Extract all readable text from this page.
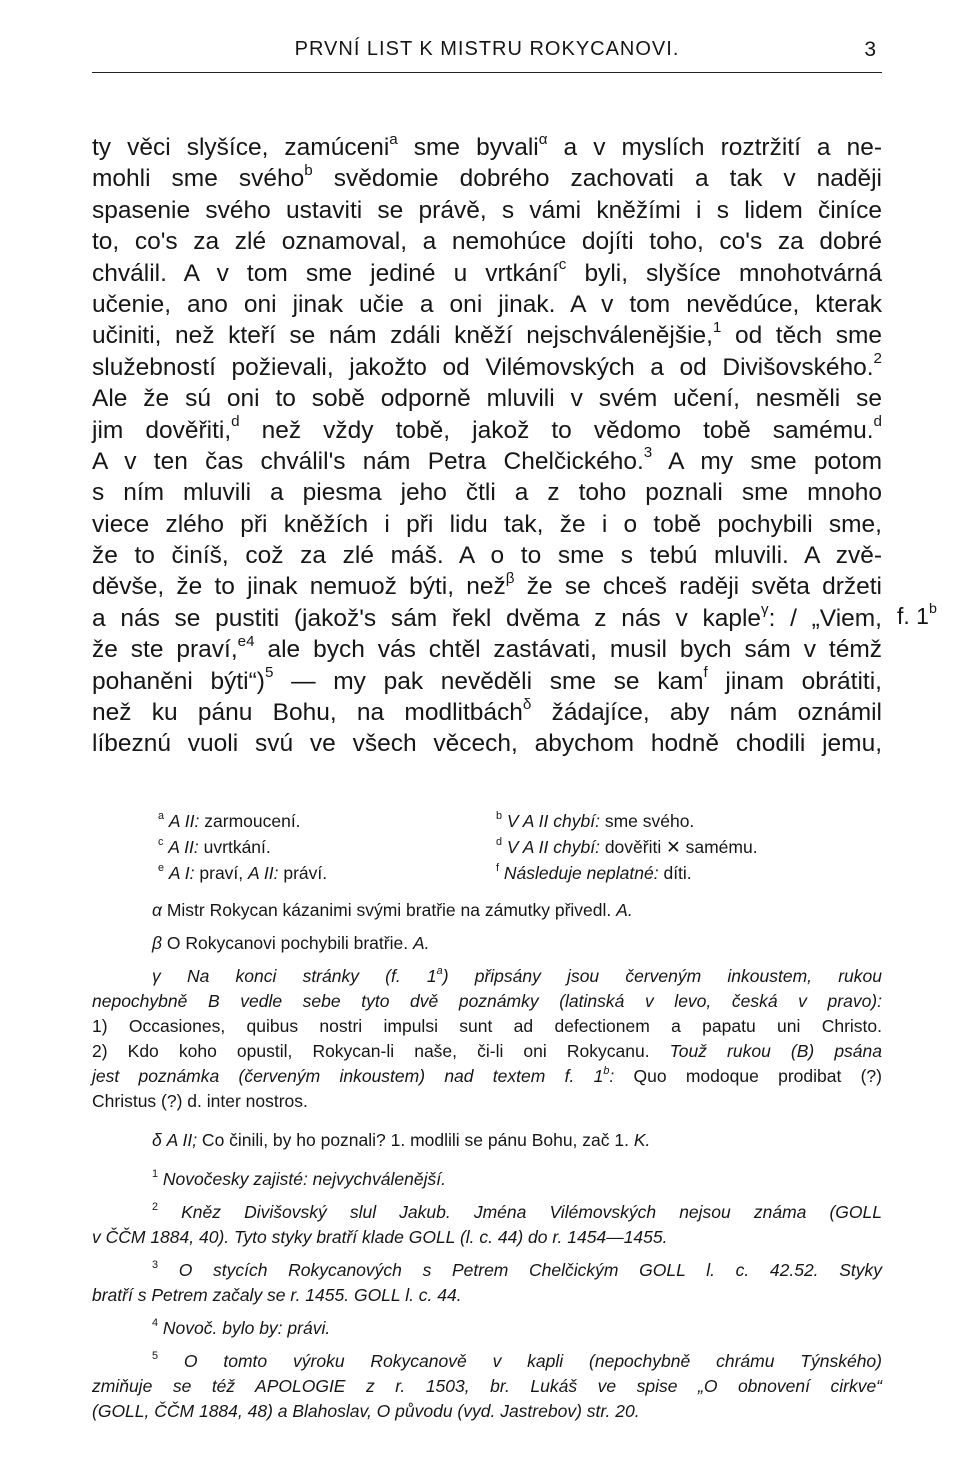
PRVNÍ LIST K MISTRU ROKYCANOVI.	3
ty věci slyšíce, zamúceni$^a$ sme byvali$^\alpha$ a v myslích roztržití a ne-
mohli sme svého$^b$ svědomie dobrého zachovati a tak v naději
spasenie svého ustaviti se právě, s vámi kněžími i s lidem činíce
to, co's za zlé oznamoval, a nemohúce dojíti toho, co's za dobré
chválil. A v tom sme jediné u vrtkání$^c$ byli, slyšíce mnohotvárná
učenie, ano oni jinak učie a oni jinak. A v tom nevědúce, kterak
učiniti, než kteří se nám zdáli kněží nejschválenějšie,$^1$ od těch sme
služebností požievali, jakožto od Vilémovských a od Divišovského.$^2$
Ale že sú oni to sobě odporně mluvili v svém učení, nesměli se
jim dověřiti,$^d$ než vždy tobě, jakož to vědomo tobě samému.$^d$
A v ten čas chválil's nám Petra Chelčického.$^3$ A my sme potom
s ním mluvili a piesma jeho čtli a z toho poznali sme mnoho
viece zlého při kněžích i při lidu tak, že i o tobě pochybili sme,
že to činíš, což za zlé máš. A o to sme s tebú mluvili. A zvě-
děvše, že to jinak nemuož býti, než$^\beta$ že se chceš raději světa držeti
a nás se pustiti (jakož's sám řekl dvěma z nás v kaple$^\gamma$: / „Viem,
že ste praví,$^{e4}$ ale bych vás chtěl zastávati, musil bych sám v témž
pohaněni býti“)$^5$ — my pak nevěděli sme se kam$^f$ jinam obrátiti,
než ku pánu Bohu, na modlitbách$^\delta$ žádajíce, aby nám oznámil
líbeznú vuoli svú ve všech věcech, abychom hodně chodili jemu,
f. 1$^b$
$^a$ A II: zarmoucení.
$^c$ A II: uvrtkání.
$^e$ A I: praví, A II: práví.
$^b$ V A II chybí: sme svého.
$^d$ V A II chybí: dověřiti ✕ samému.
$^f$ Následuje neplatné: díti.
α Mistr Rokycan kázanimi svými bratřie na zámutky přivedl. A.
β O Rokycanovi pochybili bratřie. A.
γ Na konci stránky (f. 1$^a$) připsány jsou červeným inkoustem, rukou
nepochybně B vedle sebe tyto dvě poznámky (latinská v levo, česká v pravo):
1) Occasiones, quibus nostri impulsi sunt ad defectionem a papatu uni Christo.
2) Kdo koho opustil, Rokycan-li naše, či-li oni Rokycanu. Touž rukou (B) psána
jest poznámka (červeným inkoustem) nad textem f. 1$^b$: Quo modoque prodibat (?)
Christus (?) d. inter nostros.
δ A II; Co činili, by ho poznali? 1. modlili se pánu Bohu, zač 1. K.
$^1$ Novočesky zajisté: nejvychválenější.
$^2$ Kněz Divišovský slul Jakub. Jména Vilémovských nejsou známa (GOLL
v ČČM 1884, 40). Tyto styky bratří klade GOLL (l. c. 44) do r. 1454—1455.
$^3$ O stycích Rokycanových s Petrem Chelčickým GOLL l. c. 42.52. Styky
bratří s Petrem začaly se r. 1455. GOLL l. c. 44.
$^4$ Novoč. bylo by: právi.
$^5$ O tomto výroku Rokycanově v kapli (nepochybně chrámu Týnského)
zmiňuje se též APOLOGIE z r. 1503, br. Lukáš ve spise „O obnovení cirkve“
(GOLL, ČČM 1884, 48) a Blahoslav, O původu (vyd. Jastrebov) str. 20.
